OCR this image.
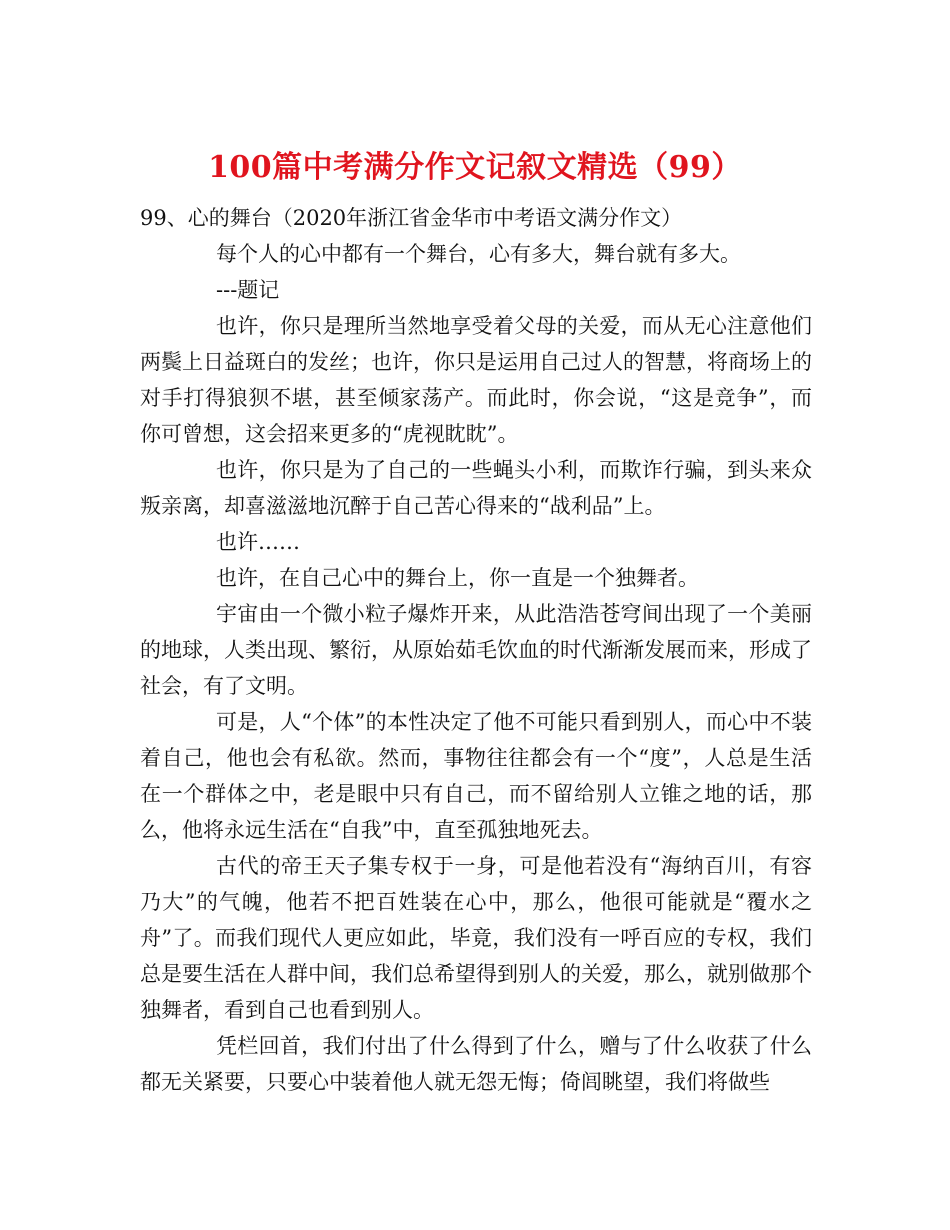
100篇中考满分作文记叙文精选（99）

99、心的舞台（2020年浙江省金华市中考语文满分作文）

每个人的心中都有一个舞台，心有多大，舞台就有多大。

---题记

也许，你只是理所当然地享受着父母的关爱，而从无心注意他们两鬓上日益斑白的发丝；也许，你只是运用自己过人的智慧，将商场上的对手打得狼狈不堪，甚至倾家荡产。而此时，你会说，“这是竞争”，而你可曾想，这会招来更多的“虎视眈眈”。

也许，你只是为了自己的一些蝇头小利，而欺诈行骗，到头来众叛亲离，却喜滋滋地沉醉于自己苦心得来的“战利品”上。

也许……

也许，在自己心中的舞台上，你一直是一个独舞者。

宇宙由一个微小粒子爆炸开来，从此浩浩苍穹间出现了一个美丽的地球，人类出现、繁衍，从原始茹毛饮血的时代渐渐发展而来，形成了社会，有了文明。

可是，人“个体”的本性决定了他不可能只看到别人，而心中不装着自己，他也会有私欲。然而，事物往往都会有一个“度”，人总是生活在一个群体之中，老是眼中只有自己，而不留给别人立锥之地的话，那么，他将永远生活在“自我”中，直至孤独地死去。

古代的帝王天子集专权于一身，可是他若没有“海纳百川，有容乃大”的气魄，他若不把百姓装在心中，那么，他很可能就是“覆水之舟”了。而我们现代人更应如此，毕竟，我们没有一呼百应的专权，我们总是要生活在人群中间，我们总希望得到别人的关爱，那么，就别做那个独舞者，看到自己也看到别人。

凭栏回首，我们付出了什么得到了什么，赠与了什么收获了什么都无关紧要，只要心中装着他人就无怨无悔；倚闾眺望，我们将做些
